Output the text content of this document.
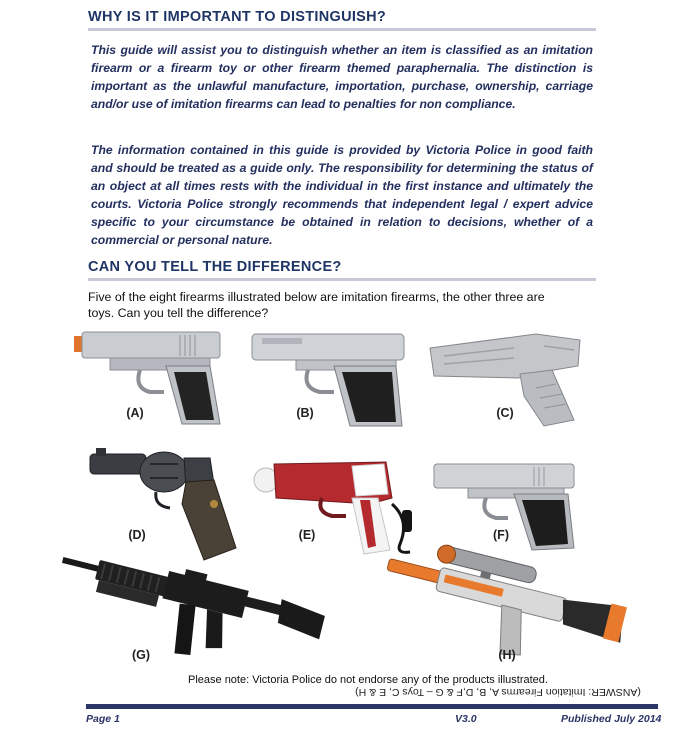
WHY IS IT IMPORTANT TO DISTINGUISH?
This guide will assist you to distinguish whether an item is classified as an imitation firearm or a firearm toy or other firearm themed paraphernalia. The distinction is important as the unlawful manufacture, importation, purchase, ownership, carriage and/or use of imitation firearms can lead to penalties for non compliance.
The information contained in this guide is provided by Victoria Police in good faith and should be treated as a guide only. The responsibility for determining the status of an object at all times rests with the individual in the first instance and ultimately the courts. Victoria Police strongly recommends that independent legal / expert advice specific to your circumstance be obtained in relation to decisions, whether of a commercial or personal nature.
CAN YOU TELL THE DIFFERENCE?
Five of the eight firearms illustrated below are imitation firearms, the other three are toys. Can you tell the difference?
(A)	(B)	(C)
(D)	(E)	(F)
(G)	(H)
Please note: Victoria Police do not endorse any of the products illustrated.
(ANSWER: Imitation Firearms A, B, D,F & G – Toys C, E & H)
Page 1	V3.0	Published July 2014
